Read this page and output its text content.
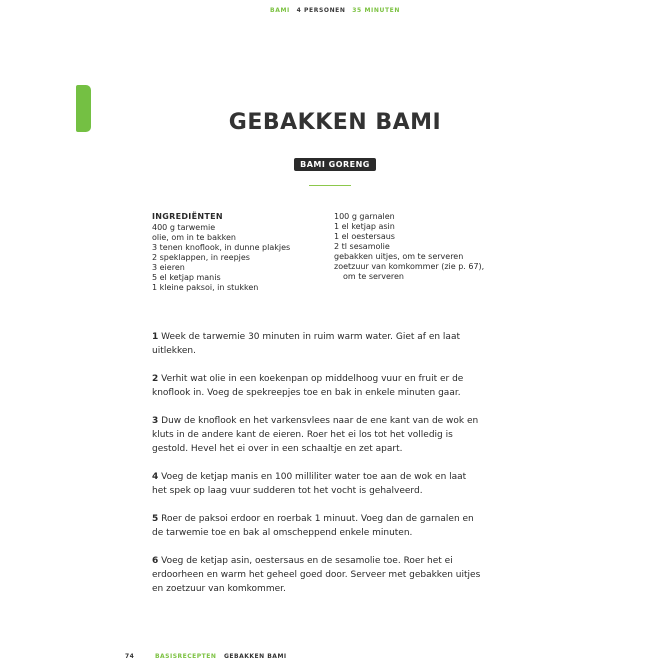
BAMI 4 PERSONEN 35 MINUTEN
GEBAKKEN BAMI
BAMI GORENG
INGREDIËNTEN
400 g tarwemie
olie, om in te bakken
3 tenen knoflook, in dunne plakjes
2 speklappen, in reepjes
3 eieren
5 el ketjap manis
1 kleine paksoi, in stukken
100 g garnalen
1 el ketjap asin
1 el oestersaus
2 tl sesamolie
gebakken uitjes, om te serveren
zoetzuur van komkommer (zie p. 67),
om te serveren

1 Week de tarwemie 30 minuten in ruim warm water. Giet af en laat uitlekken.

2 Verhit wat olie in een koekenpan op middelhoog vuur en fruit er de knoflook in. Voeg de spekreepjes toe en bak in enkele minuten gaar.

3 Duw de knoflook en het varkensvlees naar de ene kant van de wok en kluts in de andere kant de eieren. Roer het ei los tot het volledig is gestold. Hevel het ei over in een schaaltje en zet apart.

4 Voeg de ketjap manis en 100 milliliter water toe aan de wok en laat het spek op laag vuur sudderen tot het vocht is gehalveerd.

5 Roer de paksoi erdoor en roerbak 1 minuut. Voeg dan de garnalen en de tarwemie toe en bak al omscheppend enkele minuten.

6 Voeg de ketjap asin, oestersaus en de sesamolie toe. Roer het ei erdoorheen en warm het geheel goed door. Serveer met gebakken uitjes en zoetzuur van komkommer.

74	BASISRECEPTEN GEBAKKEN BAMI
